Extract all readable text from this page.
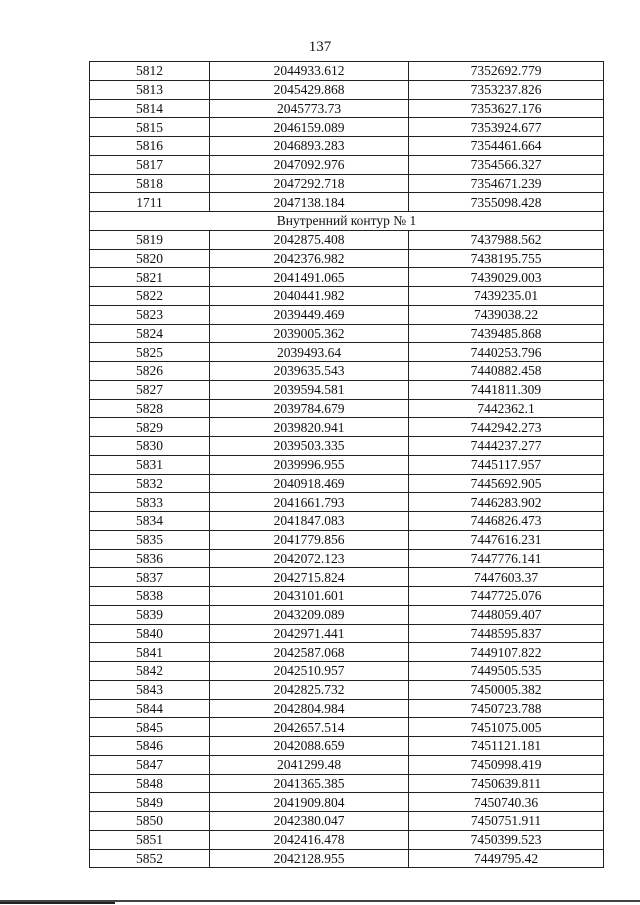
137
5812	2044933.612	7352692.779
5813	2045429.868	7353237.826
5814	2045773.73	7353627.176
5815	2046159.089	7353924.677
5816	2046893.283	7354461.664
5817	2047092.976	7354566.327
5818	2047292.718	7354671.239
1711	2047138.184	7355098.428
Внутренний контур № 1		
5819	2042875.408	7437988.562
5820	2042376.982	7438195.755
5821	2041491.065	7439029.003
5822	2040441.982	7439235.01
5823	2039449.469	7439038.22
5824	2039005.362	7439485.868
5825	2039493.64	7440253.796
5826	2039635.543	7440882.458
5827	2039594.581	7441811.309
5828	2039784.679	7442362.1
5829	2039820.941	7442942.273
5830	2039503.335	7444237.277
5831	2039996.955	7445117.957
5832	2040918.469	7445692.905
5833	2041661.793	7446283.902
5834	2041847.083	7446826.473
5835	2041779.856	7447616.231
5836	2042072.123	7447776.141
5837	2042715.824	7447603.37
5838	2043101.601	7447725.076
5839	2043209.089	7448059.407
5840	2042971.441	7448595.837
5841	2042587.068	7449107.822
5842	2042510.957	7449505.535
5843	2042825.732	7450005.382
5844	2042804.984	7450723.788
5845	2042657.514	7451075.005
5846	2042088.659	7451121.181
5847	2041299.48	7450998.419
5848	2041365.385	7450639.811
5849	2041909.804	7450740.36
5850	2042380.047	7450751.911
5851	2042416.478	7450399.523
5852	2042128.955	7449795.42
